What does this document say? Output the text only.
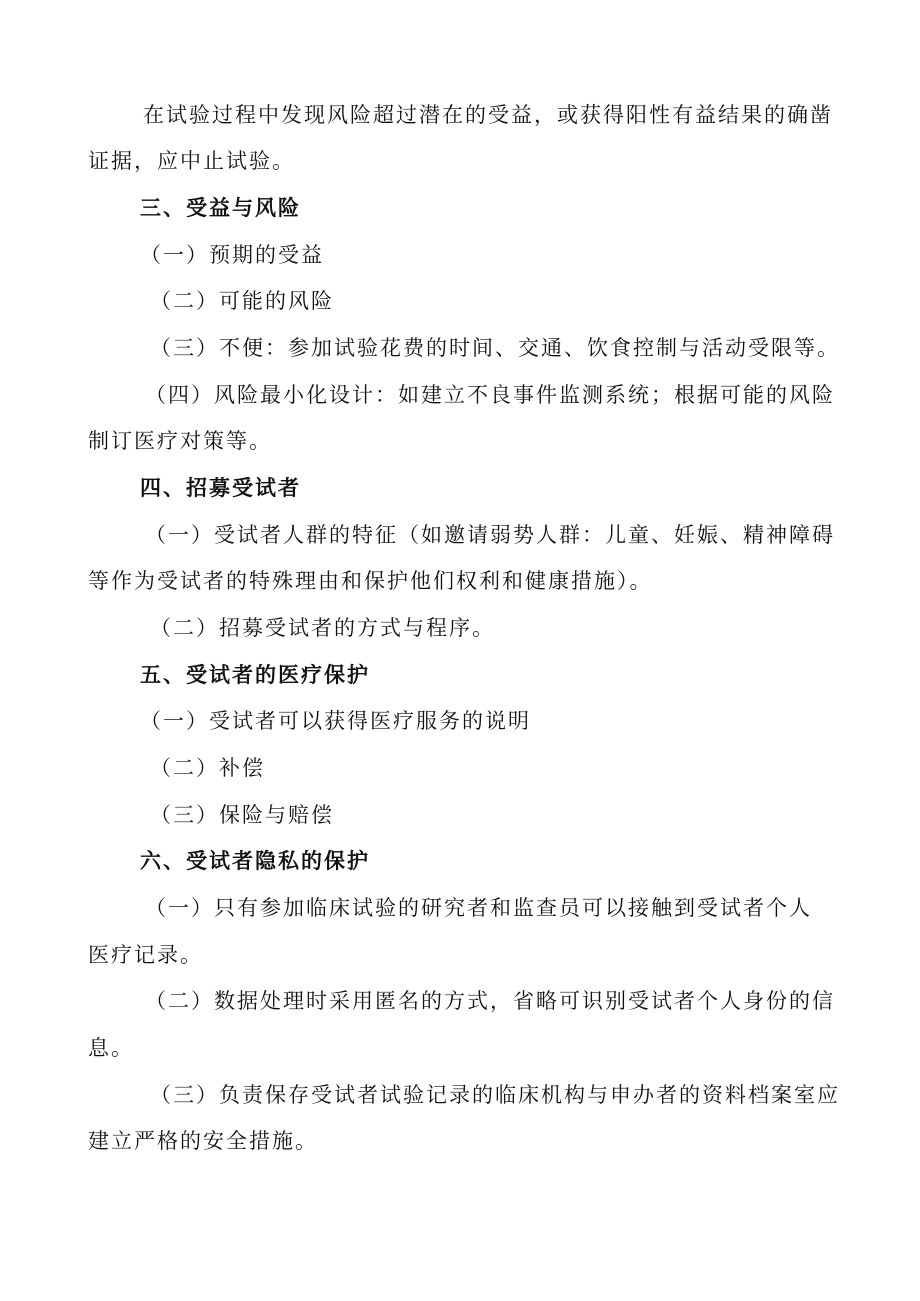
在试验过程中发现风险超过潜在的受益，或获得阳性有益结果的确凿
证据，应中止试验。
三、受益与风险
（一）预期的受益
（二）可能的风险
（三）不便：参加试验花费的时间、交通、饮食控制与活动受限等。
（四）风险最小化设计：如建立不良事件监测系统；根据可能的风险
制订医疗对策等。
四、招募受试者
（一）受试者人群的特征（如邀请弱势人群：儿童、妊娠、精神障碍
等作为受试者的特殊理由和保护他们权利和健康措施）。
（二）招募受试者的方式与程序。
五、受试者的医疗保护
（一）受试者可以获得医疗服务的说明
（二）补偿
（三）保险与赔偿
六、受试者隐私的保护
（一）只有参加临床试验的研究者和监查员可以接触到受试者个人
医疗记录。
（二）数据处理时采用匿名的方式，省略可识别受试者个人身份的信
息。
（三）负责保存受试者试验记录的临床机构与申办者的资料档案室应
建立严格的安全措施。
